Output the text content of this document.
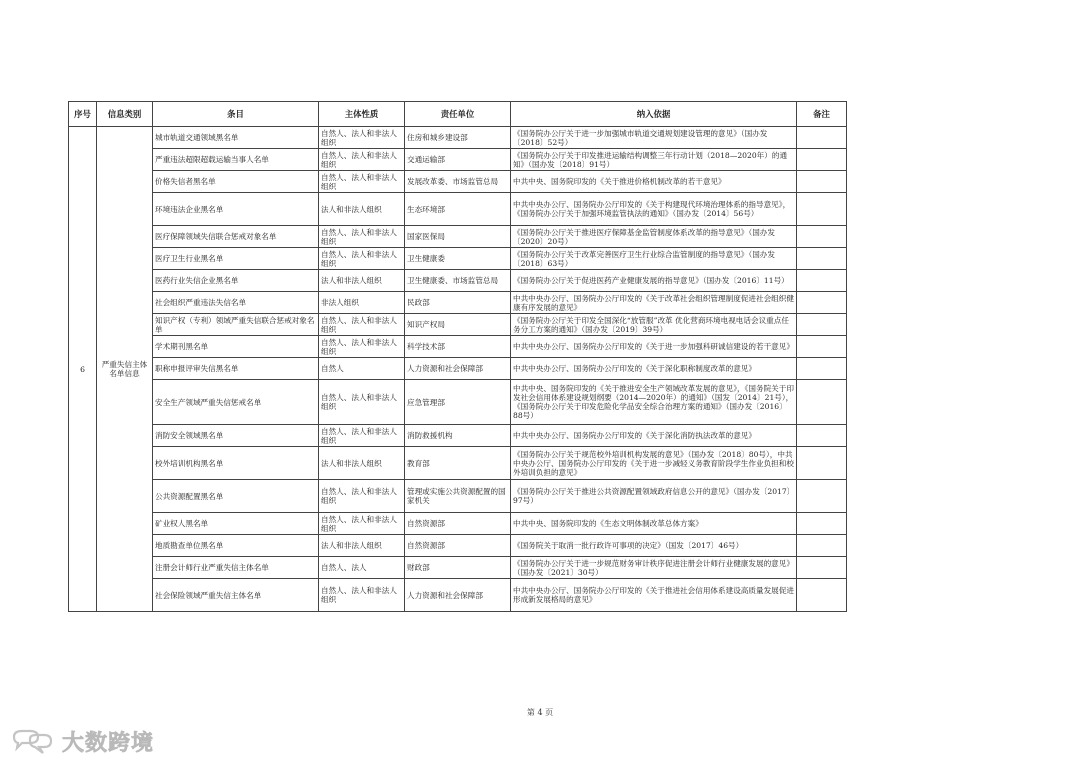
序号	信息类别	条目	主体性质	责任单位	纳入依据	备注
6	严重失信主体名单信息	城市轨道交通领域黑名单	自然人、法人和非法人组织	住房和城乡建设部	《国务院办公厅关于进一步加强城市轨道交通规划建设管理的意见》（国办发〔2018〕52号）	
		严重违法超限超载运输当事人名单	自然人、法人和非法人组织	交通运输部	《国务院办公厅关于印发推进运输结构调整三年行动计划（2018—2020年）的通知》（国办发〔2018〕91号）	
		价格失信者黑名单	自然人、法人和非法人组织	发展改革委、市场监管总局	中共中央、国务院印发的《关于推进价格机制改革的若干意见》	
		环境违法企业黑名单	法人和非法人组织	生态环境部	中共中央办公厅、国务院办公厅印发的《关于构建现代环境治理体系的指导意见》，《国务院办公厅关于加强环境监管执法的通知》（国办发〔2014〕56号）	
		医疗保障领域失信联合惩戒对象名单	自然人、法人和非法人组织	国家医保局	《国务院办公厅关于推进医疗保障基金监管制度体系改革的指导意见》（国办发〔2020〕20号）	
		医疗卫生行业黑名单	自然人、法人和非法人组织	卫生健康委	《国务院办公厅关于改革完善医疗卫生行业综合监管制度的指导意见》（国办发〔2018〕63号）	
		医药行业失信企业黑名单	法人和非法人组织	卫生健康委、市场监管总局	《国务院办公厅关于促进医药产业健康发展的指导意见》（国办发〔2016〕11号）	
		社会组织严重违法失信名单	非法人组织	民政部	中共中央办公厅、国务院办公厅印发的《关于改革社会组织管理制度促进社会组织健康有序发展的意见》	
		知识产权（专利）领域严重失信联合惩戒对象名单	自然人、法人和非法人组织	知识产权局	《国务院办公厅关于印发全国深化“放管服”改革 优化营商环境电视电话会议重点任务分工方案的通知》（国办发〔2019〕39号）	
		学术期刊黑名单	自然人、法人和非法人组织	科学技术部	中共中央办公厅、国务院办公厅印发的《关于进一步加强科研诚信建设的若干意见》	
		职称申报评审失信黑名单	自然人	人力资源和社会保障部	中共中央办公厅、国务院办公厅印发的《关于深化职称制度改革的意见》	
		安全生产领域严重失信惩戒名单	自然人、法人和非法人组织	应急管理部	中共中央、国务院印发的《关于推进安全生产领域改革发展的意见》，《国务院关于印发社会信用体系建设规划纲要（2014—2020年）的通知》（国发〔2014〕21号），《国务院办公厅关于印发危险化学品安全综合治理方案的通知》（国办发〔2016〕88号）	
		消防安全领域黑名单	自然人、法人和非法人组织	消防救援机构	中共中央办公厅、国务院办公厅印发的《关于深化消防执法改革的意见》	
		校外培训机构黑名单	法人和非法人组织	教育部	《国务院办公厅关于规范校外培训机构发展的意见》（国办发〔2018〕80号），中共中央办公厅、国务院办公厅印发的《关于进一步减轻义务教育阶段学生作业负担和校外培训负担的意见》	
		公共资源配置黑名单	自然人、法人和非法人组织	管理或实施公共资源配置的国家机关	《国务院办公厅关于推进公共资源配置领域政府信息公开的意见》（国办发〔2017〕97号）	
		矿业权人黑名单	自然人、法人和非法人组织	自然资源部	中共中央、国务院印发的《生态文明体制改革总体方案》	
		地质勘查单位黑名单	法人和非法人组织	自然资源部	《国务院关于取消一批行政许可事项的决定》（国发〔2017〕46号）	
		注册会计师行业严重失信主体名单	自然人、法人	财政部	《国务院办公厅关于进一步规范财务审计秩序促进注册会计师行业健康发展的意见》（国办发〔2021〕30号）	
		社会保险领域严重失信主体名单	自然人、法人和非法人组织	人力资源和社会保障部	中共中央办公厅、国务院办公厅印发的《关于推进社会信用体系建设高质量发展促进形成新发展格局的意见》	
第 4 页
大数跨境
